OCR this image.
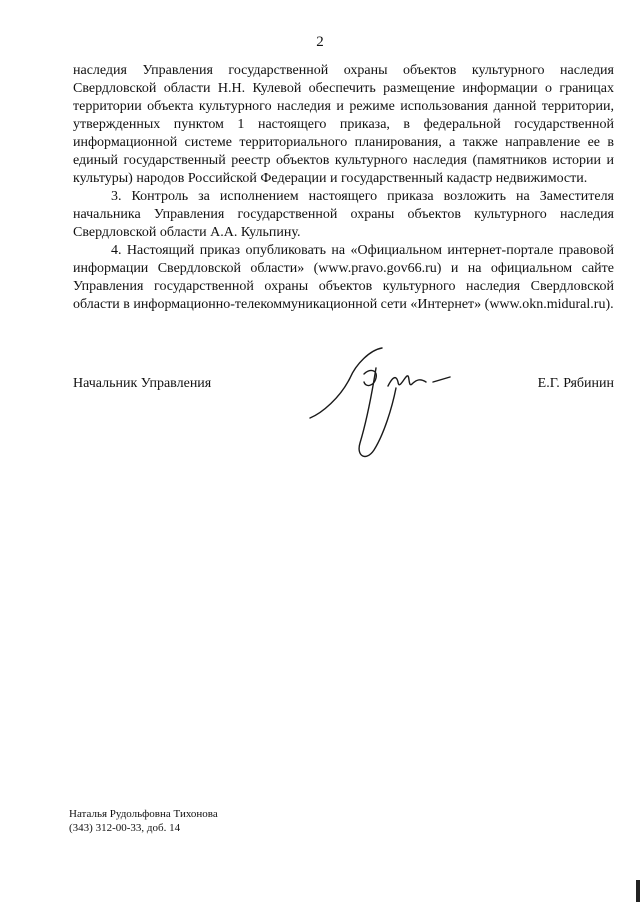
2

наследия Управления государственной охраны объектов культурного наследия Свердловской области Н.Н. Кулевой обеспечить размещение информации о границах территории объекта культурного наследия и режиме использования данной территории, утвержденных пунктом 1 настоящего приказа, в федеральной государственной информационной системе территориального планирования, а также направление ее в единый государственный реестр объектов культурного наследия (памятников истории и культуры) народов Российской Федерации и государственный кадастр недвижимости.

3. Контроль за исполнением настоящего приказа возложить на Заместителя начальника Управления государственной охраны объектов культурного наследия Свердловской области А.А. Кульпину.

4. Настоящий приказ опубликовать на «Официальном интернет-портале правовой информации Свердловской области» (www.pravo.gov66.ru) и на официальном сайте Управления государственной охраны объектов культурного наследия Свердловской области в информационно-телекоммуникационной сети «Интернет» (www.okn.midural.ru).

Начальник Управления	Е.Г. Рябинин
Наталья Рудольфовна Тихонова
(343) 312-00-33, доб. 14
